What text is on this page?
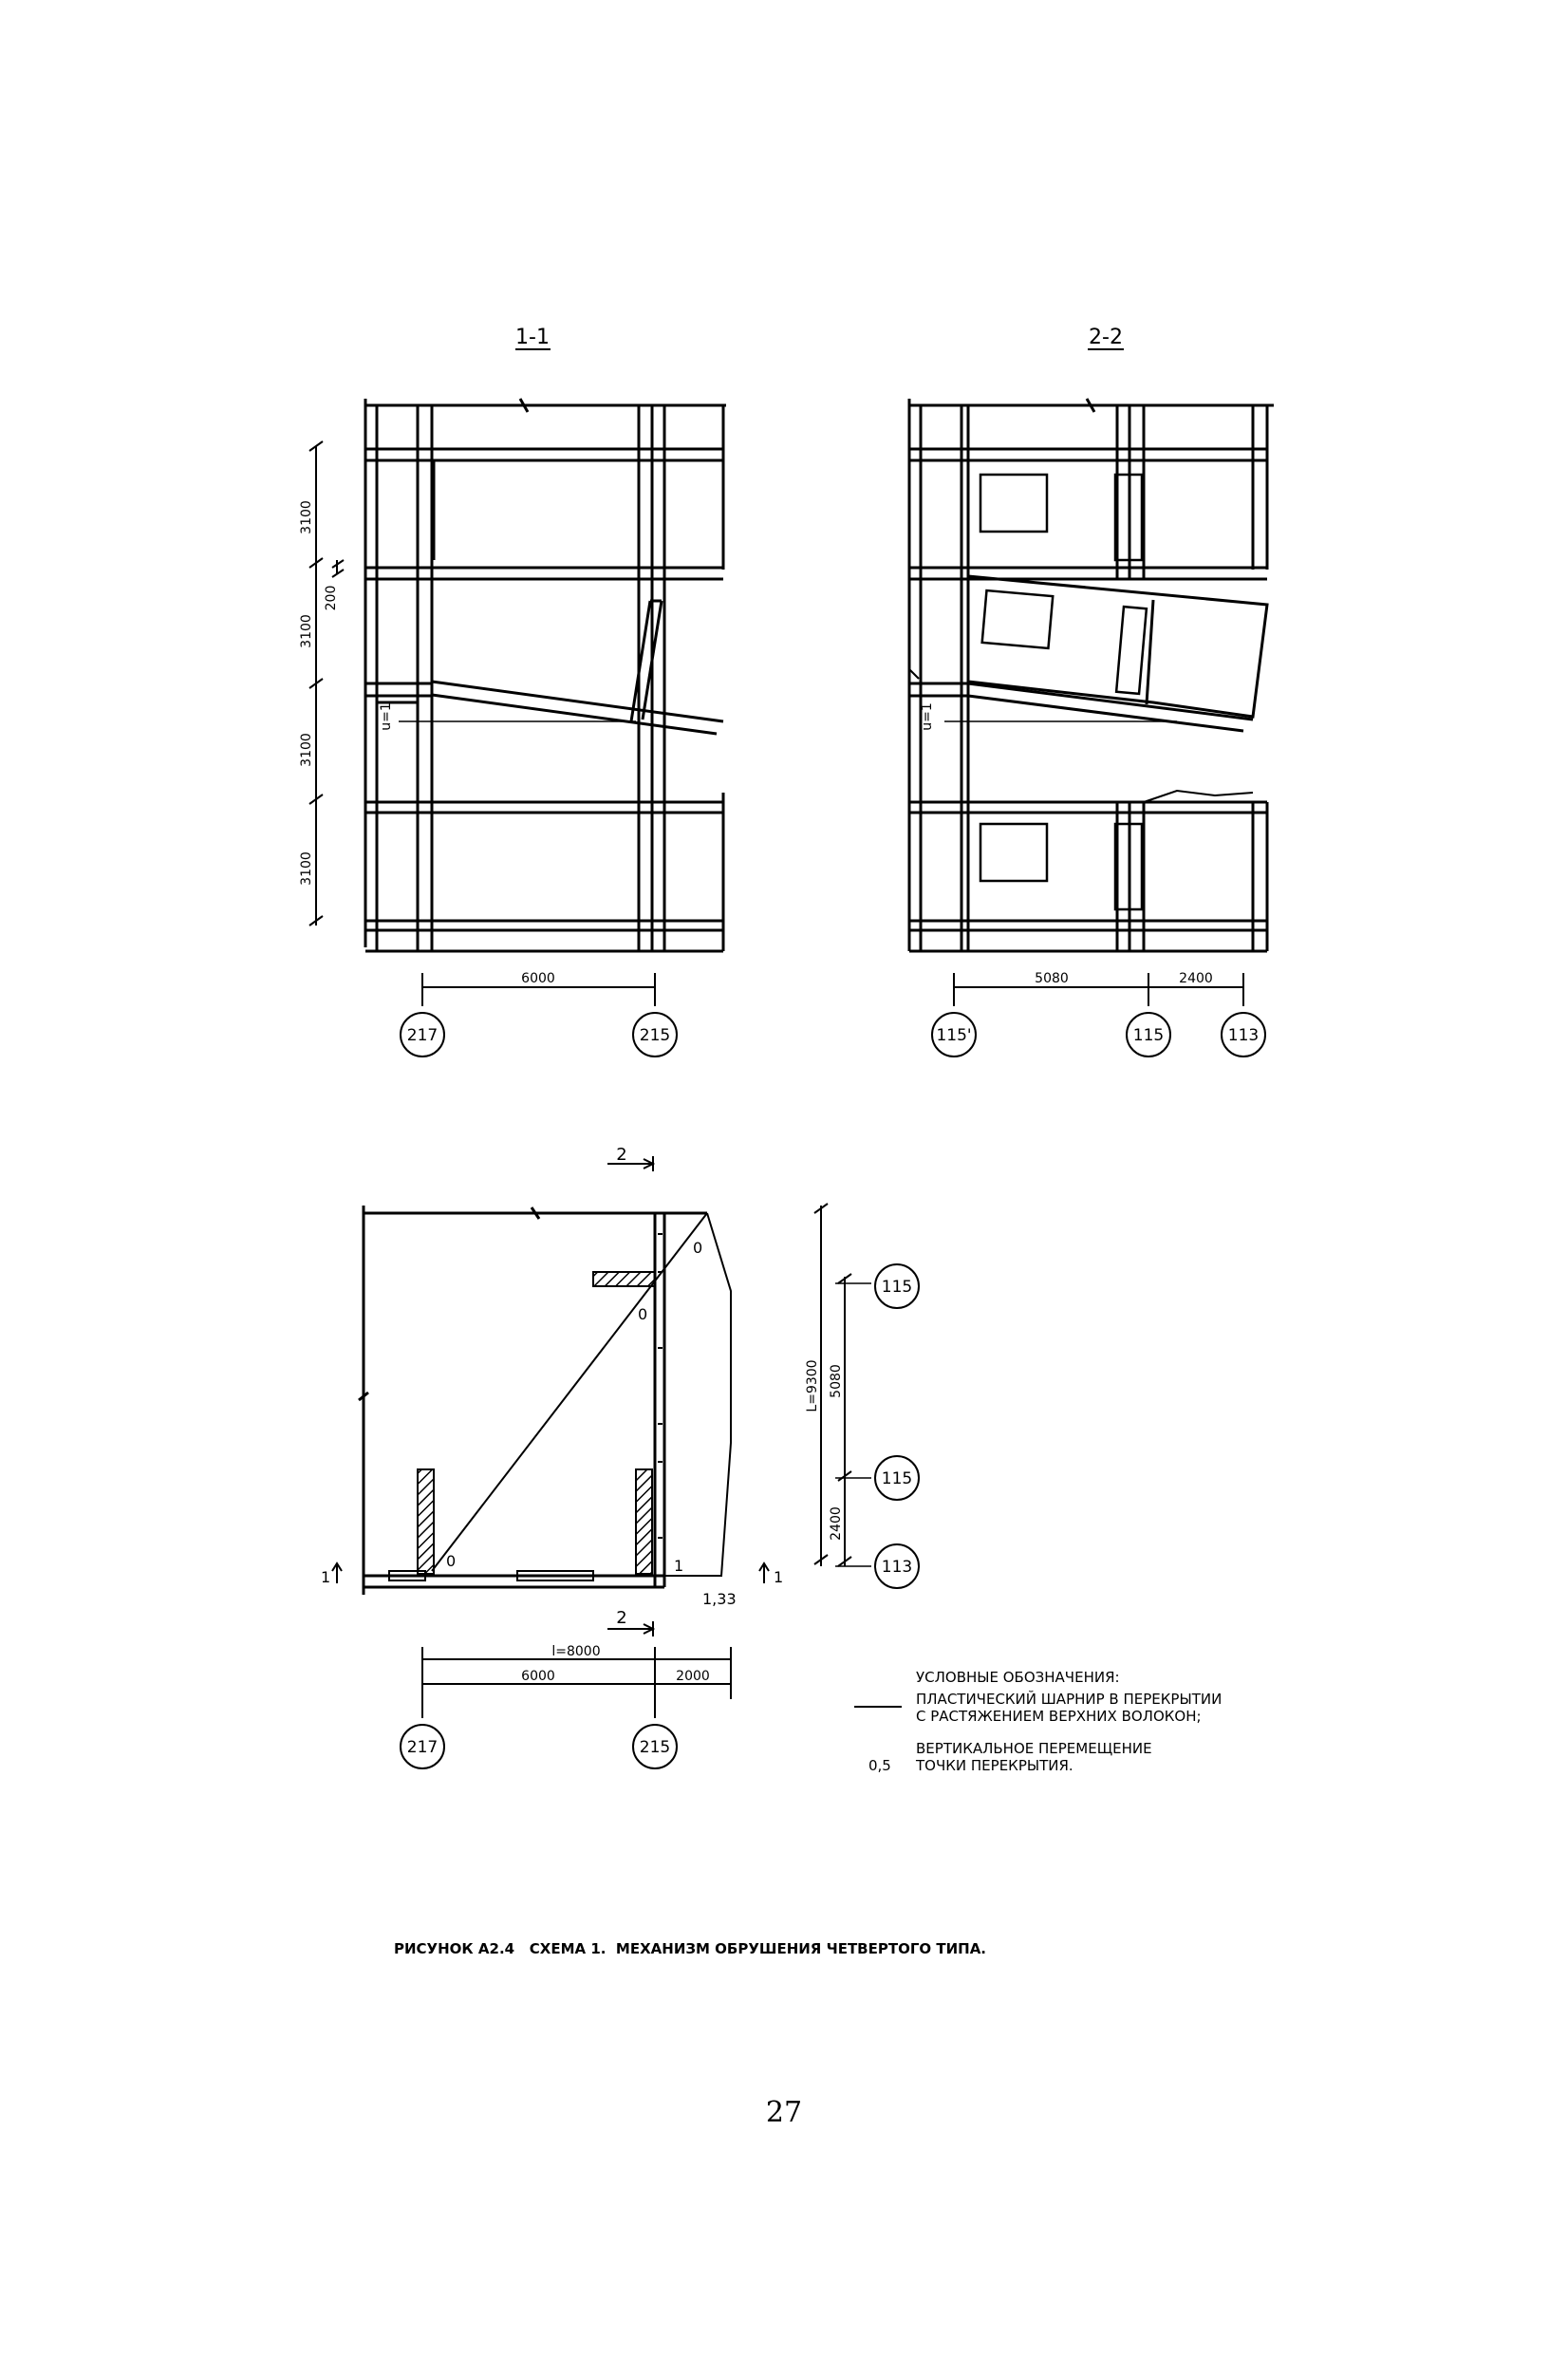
1-1
3100
3100
3100
3100
200
u=1
6000
217	215
2-2
u=1
5080	2400
115'	115	113
2
2
1	1
0
0
0	1
1,33
l=8000
6000	2000
L=9300 5080
2400
217	215
115
115
113
УСЛОВНЫЕ ОБОЗНАЧЕНИЯ:
ПЛАСТИЧЕСКИЙ ШАРНИР В ПЕРЕКРЫТИИ
С РАСТЯЖЕНИЕМ ВЕРХНИХ ВОЛОКОН;
0,5
ВЕРТИКАЛЬНОЕ ПЕРЕМЕЩЕНИЕ
ТОЧКИ ПЕРЕКРЫТИЯ.
РИСУНОК А2.4   СХЕМА 1.  МЕХАНИЗМ ОБРУШЕНИЯ ЧЕТВЕРТОГО ТИПА.
27
